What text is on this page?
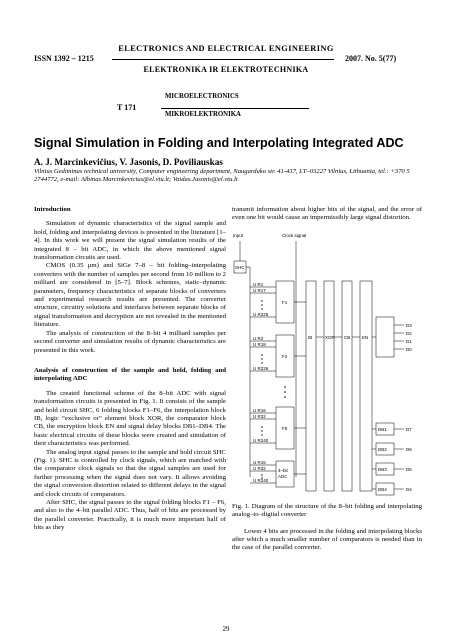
ELECTRONICS AND ELECTRICAL ENGINEERING
ISSN 1392 – 1215	2007. No. 5(77)
ELEKTRONIKA IR ELEKTROTECHNIKA
MICROELECTRONICS
T 171
MIKROELEKTRONIKA
Signal Simulation in Folding and Interpolating Integrated ADC
A. J. Marcinkevičius, V. Jasonis, D. Poviliauskas
Vilnius Gediminas technical university, Computer engineering department, Naugarduko str. 41-437, LT–03227 Vilnius, Lithuania, tel.: +370 5 2744772, e-mail: Albinas.Marcinkevicius@el.vtu.lt; Vaidas.Jasonis@el.vtu.lt
Introduction

Simulation of dynamic characteristics of the signal sample and hold, folding and interpolating devices is presented in the literature [1–4]. In this work we will present the signal simulation results of the integrated 8 – bit ADC, in which the above mentioned signal transformation circuits are used.

CMOS (0.35 μm) and SiGe 7–8 – bit folding–interpolating converters with the number of samples per second from 10 million to 2 milliard are considered in [5–7]. Block schemes, static–dynamic parameters, frequency characteristics of separate blocks of converters and experimental research results are presented. The converter structure, circuitry solutions and interfaces between separate blocks of signal transformation and decryption are not revealed in the mentioned literature.

The analysis of construction of the 8–bit 4 milliard samples per second converter and simulation results of dynamic characteristics are presented in this work.

Analysis of construction of the sample and hold, folding and interpolating ADC

The created functional scheme of the 8–bit ADC with signal transformation circuits is presented in Fig. 1. It consists of the sample and hold circuit SHC, 6 folding blocks F1–F6, the interpolation block IB, logic “exclusive or” element block XOR, the comparator block CB, the encryption block EN and signal delay blocks DB1–DB4. The basic electrical circuits of these blocks were created and simulation of their characteristics was performed.

The analog input signal passes to the sample and hold circuit SHC (Fig. 1). SHC is controlled by clock signals, which are matched with the comparator clock signals so that the signal samples are used for further processing when the signal does not vary. It allows avoiding the signal conversion distortion related to different delays in the signal and clock circuits of comparators.

After SHC, the signal passes to the signal folding blocks F1 – F6, and also to the 4–bit parallel ADC. Thus, half of bits are processed by the parallel converter. Practically, it is much more important half of bits as they

transmit information about higher bits of the signal, and the error of even one bit would cause an impermissibly large signal distortion.

Input	Clock signal
SHC
F1
F2
F6
4–bit
ADC
IB	XOR CB	EN
DB1
DB2
DB3
DB4
U R1
U R17
U R225
U R2
U R18
U R226
U R16
U R32
U R240
U R16
U R32
U R240
D3
D2
D1
D0
D7
D6
D5
D4
Fig. 1. Diagram of the structure of the 8–bit folding and interpolating analog–to–digital converter

Lower 4 bits are processed in the folding and interpolating blocks after which a much smaller number of comparators is needed than in the case of the parallel converter.

29
